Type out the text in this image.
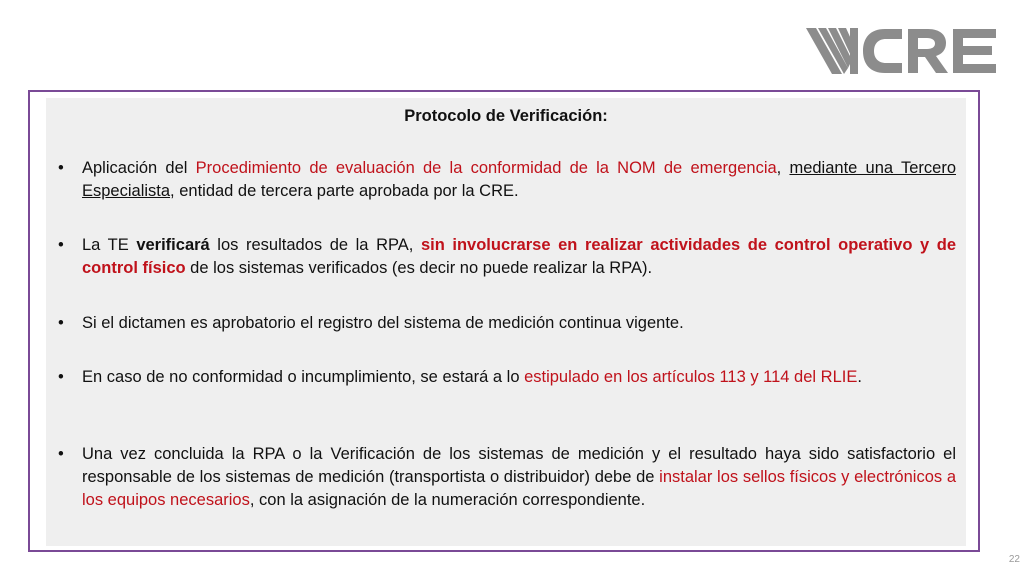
Protocolo de Verificación:
•	Aplicación del Procedimiento de evaluación de la conformidad de la NOM de emergencia, mediante una Tercero Especialista, entidad de tercera parte aprobada por la CRE.
•	La TE verificará los resultados de la RPA, sin involucrarse en realizar actividades de control operativo y de control físico de los sistemas verificados (es decir no puede realizar la RPA).
•	Si el dictamen es aprobatorio el registro del sistema de medición continua vigente.
•	En caso de no conformidad o incumplimiento, se estará a lo estipulado en los artículos 113 y 114 del RLIE.
•	Una vez concluida la RPA o la Verificación de los sistemas de medición y el resultado haya sido satisfactorio el responsable de los sistemas de medición (transportista o distribuidor) debe de instalar los sellos físicos y electrónicos a los equipos necesarios, con la asignación de la numeración correspondiente.
22
